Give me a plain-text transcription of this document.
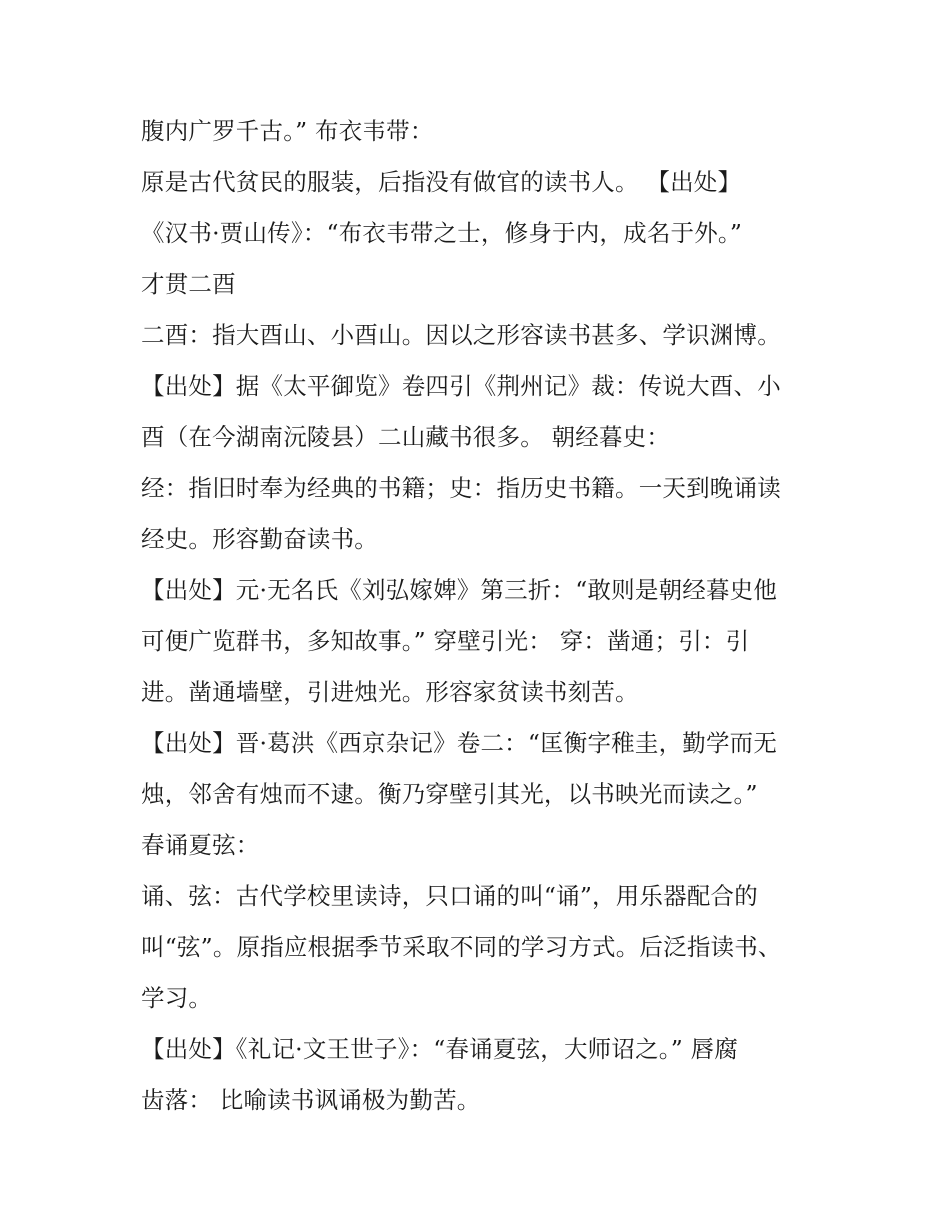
腹内广罗千古。” 布衣韦带：
原是古代贫民的服装，后指没有做官的读书人。 【出处】
《汉书·贾山传》：“布衣韦带之士，修身于内，成名于外。”
才贯二酉
二酉：指大酉山、小酉山。因以之形容读书甚多、学识渊博。
【出处】据《太平御览》卷四引《荆州记》裁：传说大酉、小
酉（在今湖南沅陵县）二山藏书很多。 朝经暮史：
经：指旧时奉为经典的书籍；史：指历史书籍。一天到晚诵读
经史。形容勤奋读书。
【出处】元·无名氏《刘弘嫁婢》第三折：“敢则是朝经暮史他
可便广览群书，多知故事。” 穿壁引光： 穿：凿通；引：引
进。凿通墙壁，引进烛光。形容家贫读书刻苦。
【出处】晋·葛洪《西京杂记》卷二：“匡衡字稚圭，勤学而无
烛，邻舍有烛而不逮。衡乃穿壁引其光，以书映光而读之。”
春诵夏弦：
诵、弦：古代学校里读诗，只口诵的叫“诵”，用乐器配合的
叫“弦”。原指应根据季节采取不同的学习方式。后泛指读书、
学习。
【出处】《礼记·文王世子》：“春诵夏弦，大师诏之。” 唇腐
齿落： 比喻读书讽诵极为勤苦。
